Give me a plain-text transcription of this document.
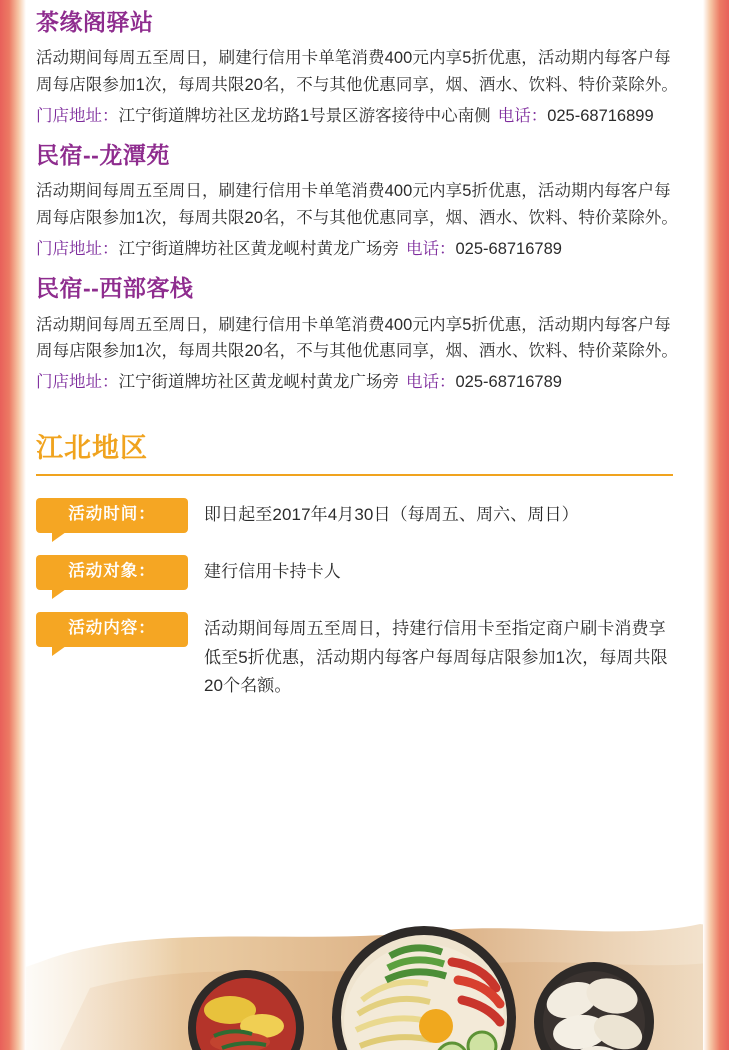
茶缘阁驿站

活动期间每周五至周日，刷建行信用卡单笔消费400元内享5折优惠，活动期内每客户每周每店限参加1次，每周共限20名，不与其他优惠同享，烟、酒水、饮料、特价菜除外。

门店地址：江宁街道牌坊社区龙坊路1号景区游客接待中心南侧 电话：025-68716899

民宿--龙潭苑

活动期间每周五至周日，刷建行信用卡单笔消费400元内享5折优惠，活动期内每客户每周每店限参加1次，每周共限20名，不与其他优惠同享，烟、酒水、饮料、特价菜除外。

门店地址：江宁街道牌坊社区黄龙岘村黄龙广场旁 电话：025-68716789

民宿--西部客栈

活动期间每周五至周日，刷建行信用卡单笔消费400元内享5折优惠，活动期内每客户每周每店限参加1次，每周共限20名，不与其他优惠同享，烟、酒水、饮料、特价菜除外。

门店地址：江宁街道牌坊社区黄龙岘村黄龙广场旁 电话：025-68716789

江北地区
活动时间：	即日起至2017年4月30日（每周五、周六、周日）
活动对象：	建行信用卡持卡人
活动内容：	活动期间每周五至周日，持建行信用卡至指定商户刷卡消费享低至5折优惠，活动期内每客户每周每店限参加1次，每周共限20个名额。
